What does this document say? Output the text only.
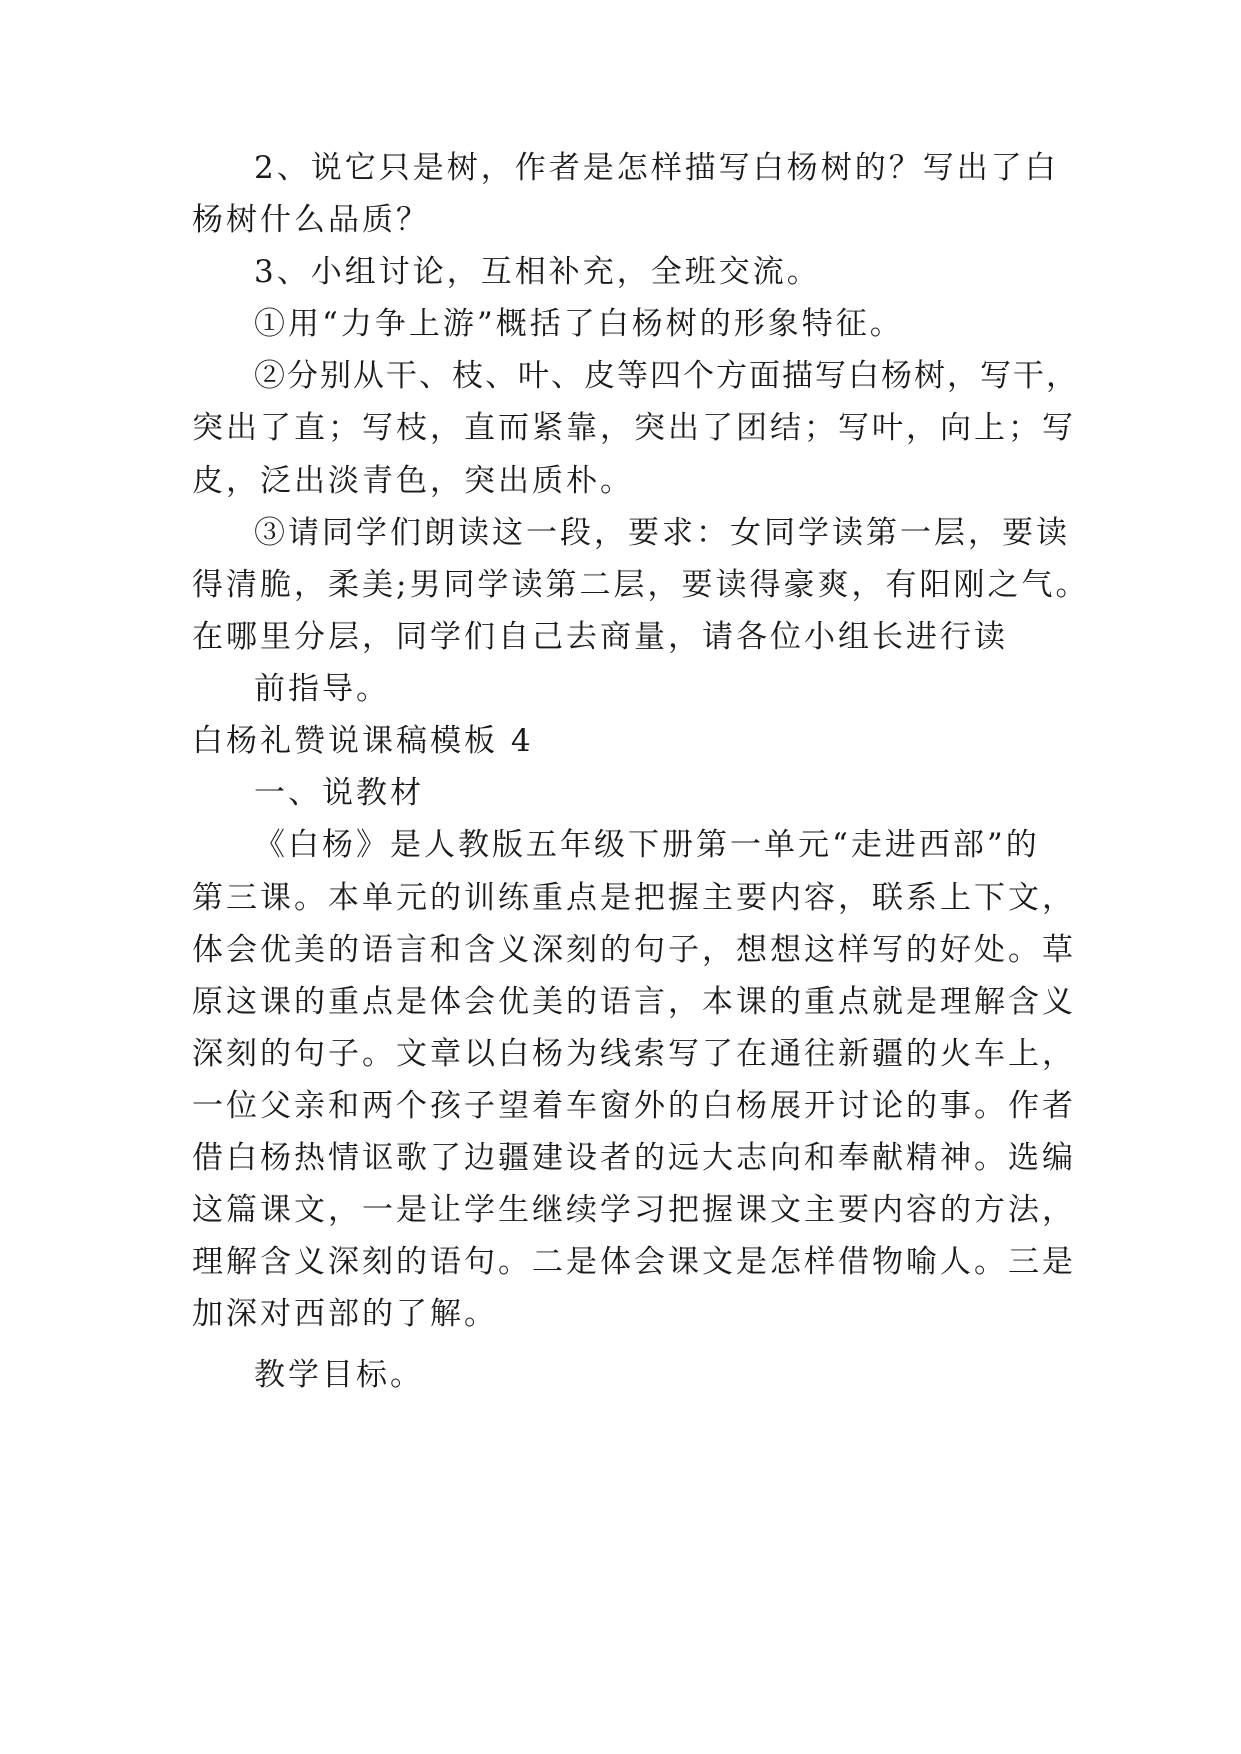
2、说它只是树，作者是怎样描写白杨树的？写出了白
杨树什么品质？
3、小组讨论，互相补充，全班交流。
①用“力争上游”概括了白杨树的形象特征。
②分别从干、枝、叶、皮等四个方面描写白杨树，写干，
突出了直；写枝，直而紧靠，突出了团结；写叶，向上；写
皮，泛出淡青色，突出质朴。
③请同学们朗读这一段，要求：女同学读第一层，要读
得清脆，柔美;男同学读第二层，要读得豪爽，有阳刚之气。
在哪里分层，同学们自己去商量，请各位小组长进行读
前指导。
白杨礼赞说课稿模板 4
一、说教材
《白杨》是人教版五年级下册第一单元“走进西部”的
第三课。本单元的训练重点是把握主要内容，联系上下文，
体会优美的语言和含义深刻的句子，想想这样写的好处。草
原这课的重点是体会优美的语言，本课的重点就是理解含义
深刻的句子。文章以白杨为线索写了在通往新疆的火车上，
一位父亲和两个孩子望着车窗外的白杨展开讨论的事。作者
借白杨热情讴歌了边疆建设者的远大志向和奉献精神。选编
这篇课文，一是让学生继续学习把握课文主要内容的方法，
理解含义深刻的语句。二是体会课文是怎样借物喻人。三是
加深对西部的了解。
教学目标。
